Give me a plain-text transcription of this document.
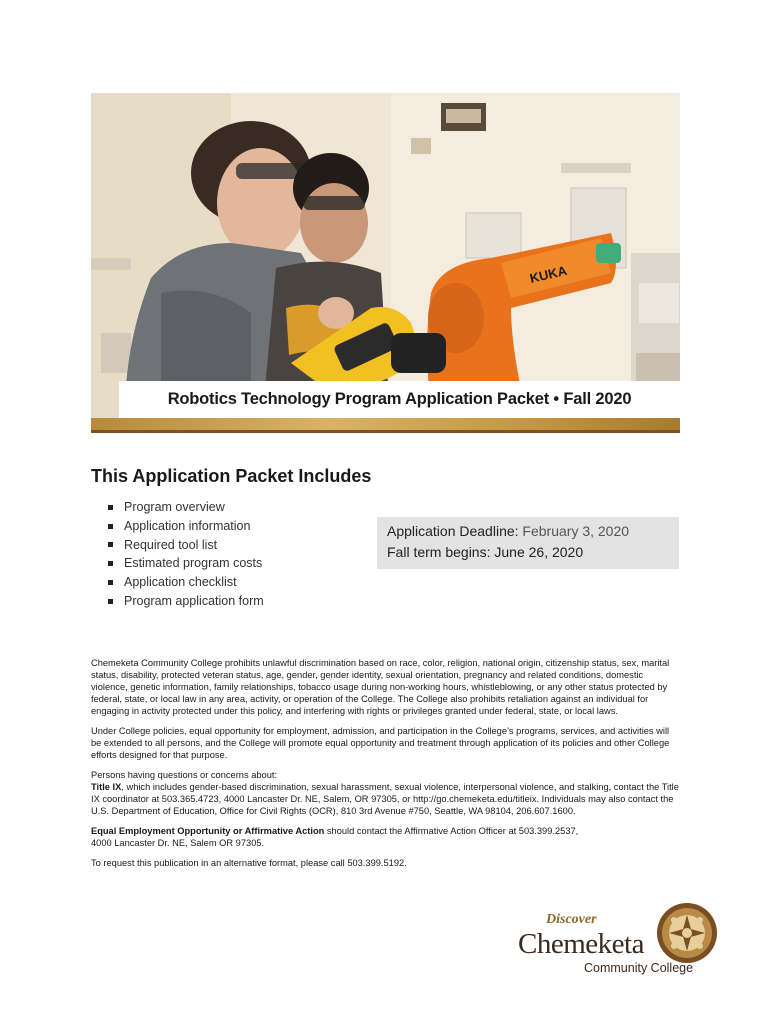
KUKA
Robotics Technology Program Application Packet • Fall 2020
This Application Packet Includes
Program overview
Application information
Required tool list
Estimated program costs
Application checklist
Program application form
Application Deadline: February 3, 2020
Fall term begins: June 26, 2020

Chemeketa Community College prohibits unlawful discrimination based on race, color, religion, national origin, citizenship status, sex, marital status, disability, protected veteran status, age, gender, gender identity, sexual orientation, pregnancy and related conditions, domestic violence, genetic information, family relationships, tobacco usage during non-working hours, whistleblowing, or any other status protected by federal, state, or local law in any area, activity, or operation of the College. The College also prohibits retaliation against an individual for engaging in activity protected under this policy, and interfering with rights or privileges granted under federal, state, or local laws.

Under College policies, equal opportunity for employment, admission, and participation in the College’s programs, services, and activities will be extended to all persons, and the College will promote equal opportunity and treatment through application of its policies and other College efforts designed for that purpose.

Persons having questions or concerns about:
Title IX, which includes gender-based discrimination, sexual harassment, sexual violence, interpersonal violence, and stalking, contact the Title IX coordinator at 503.365.4723, 4000 Lancaster Dr. NE, Salem, OR 97305, or http://go.chemeketa.edu/titleix. Individuals may also contact the U.S. Department of Education, Office for Civil Rights (OCR), 810 3rd Avenue #750, Seattle, WA 98104, 206.607.1600.

Equal Employment Opportunity or Affirmative Action should contact the Affirmative Action Officer at 503.399.2537,
4000 Lancaster Dr. NE, Salem OR 97305.

To request this publication in an alternative format, please call 503.399.5192.

Discover
Chemeketa
Community College
